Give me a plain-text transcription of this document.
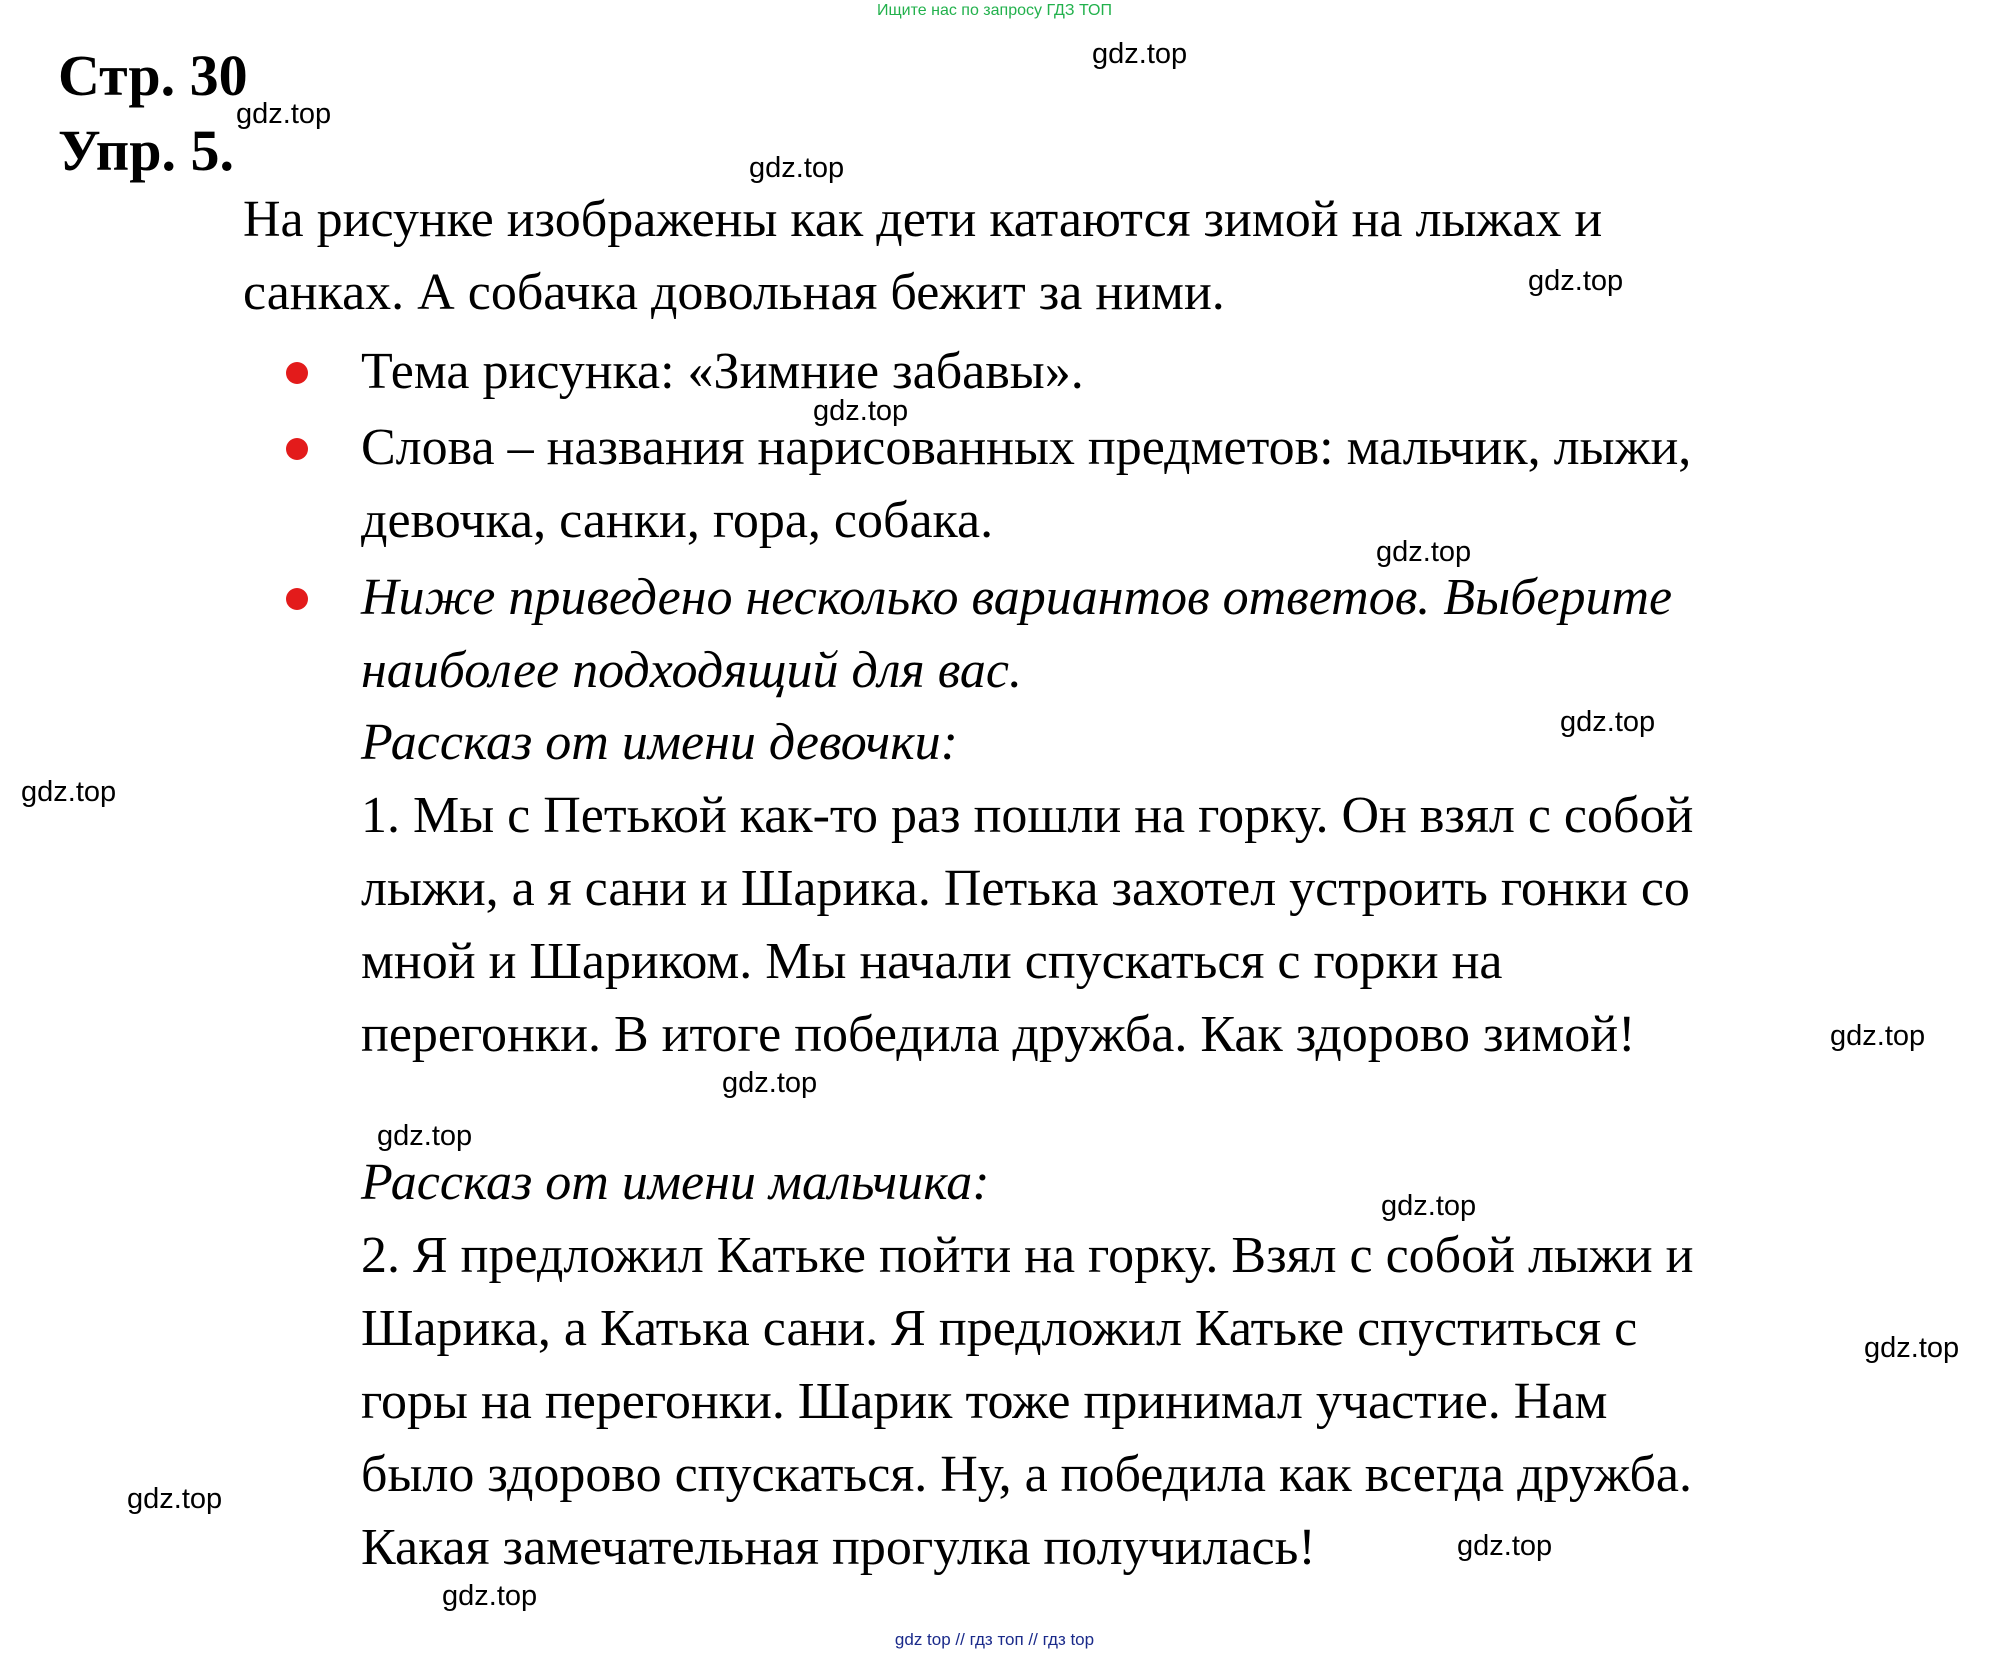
Ищите нас по запросу ГДЗ ТОП
Стр. 30
Упр. 5.
На рисунке изображены как дети катаются зимой на лыжах и
санках. А собачка довольная бежит за ними.
Тема рисунка: «Зимние забавы».
Слова – названия нарисованных предметов: мальчик, лыжи,
девочка, санки, гора, собака.
Ниже приведено несколько вариантов ответов. Выберите
наиболее подходящий для вас.
Рассказ от имени девочки:
1. Мы с Петькой как-то раз пошли на горку. Он взял с собой
лыжи, а я сани и Шарика. Петька захотел устроить гонки со
мной и Шариком. Мы начали спускаться с горки на
перегонки. В итоге победила дружба. Как здорово зимой!
Рассказ от имени мальчика:
2. Я предложил Катьке пойти на горку. Взял с собой лыжи и
Шарика, а Катька сани. Я предложил Катьке спуститься с
горы на перегонки. Шарик тоже принимал участие. Нам
было здорово спускаться. Ну, а победила как всегда дружба.
Какая замечательная прогулка получилась!
gdz.top
gdz.top
gdz.top
gdz.top
gdz.top
gdz.top
gdz.top
gdz.top
gdz.top
gdz.top
gdz.top
gdz.top
gdz.top
gdz.top
gdz.top
gdz.top
gdz top // гдз топ // гдз top
